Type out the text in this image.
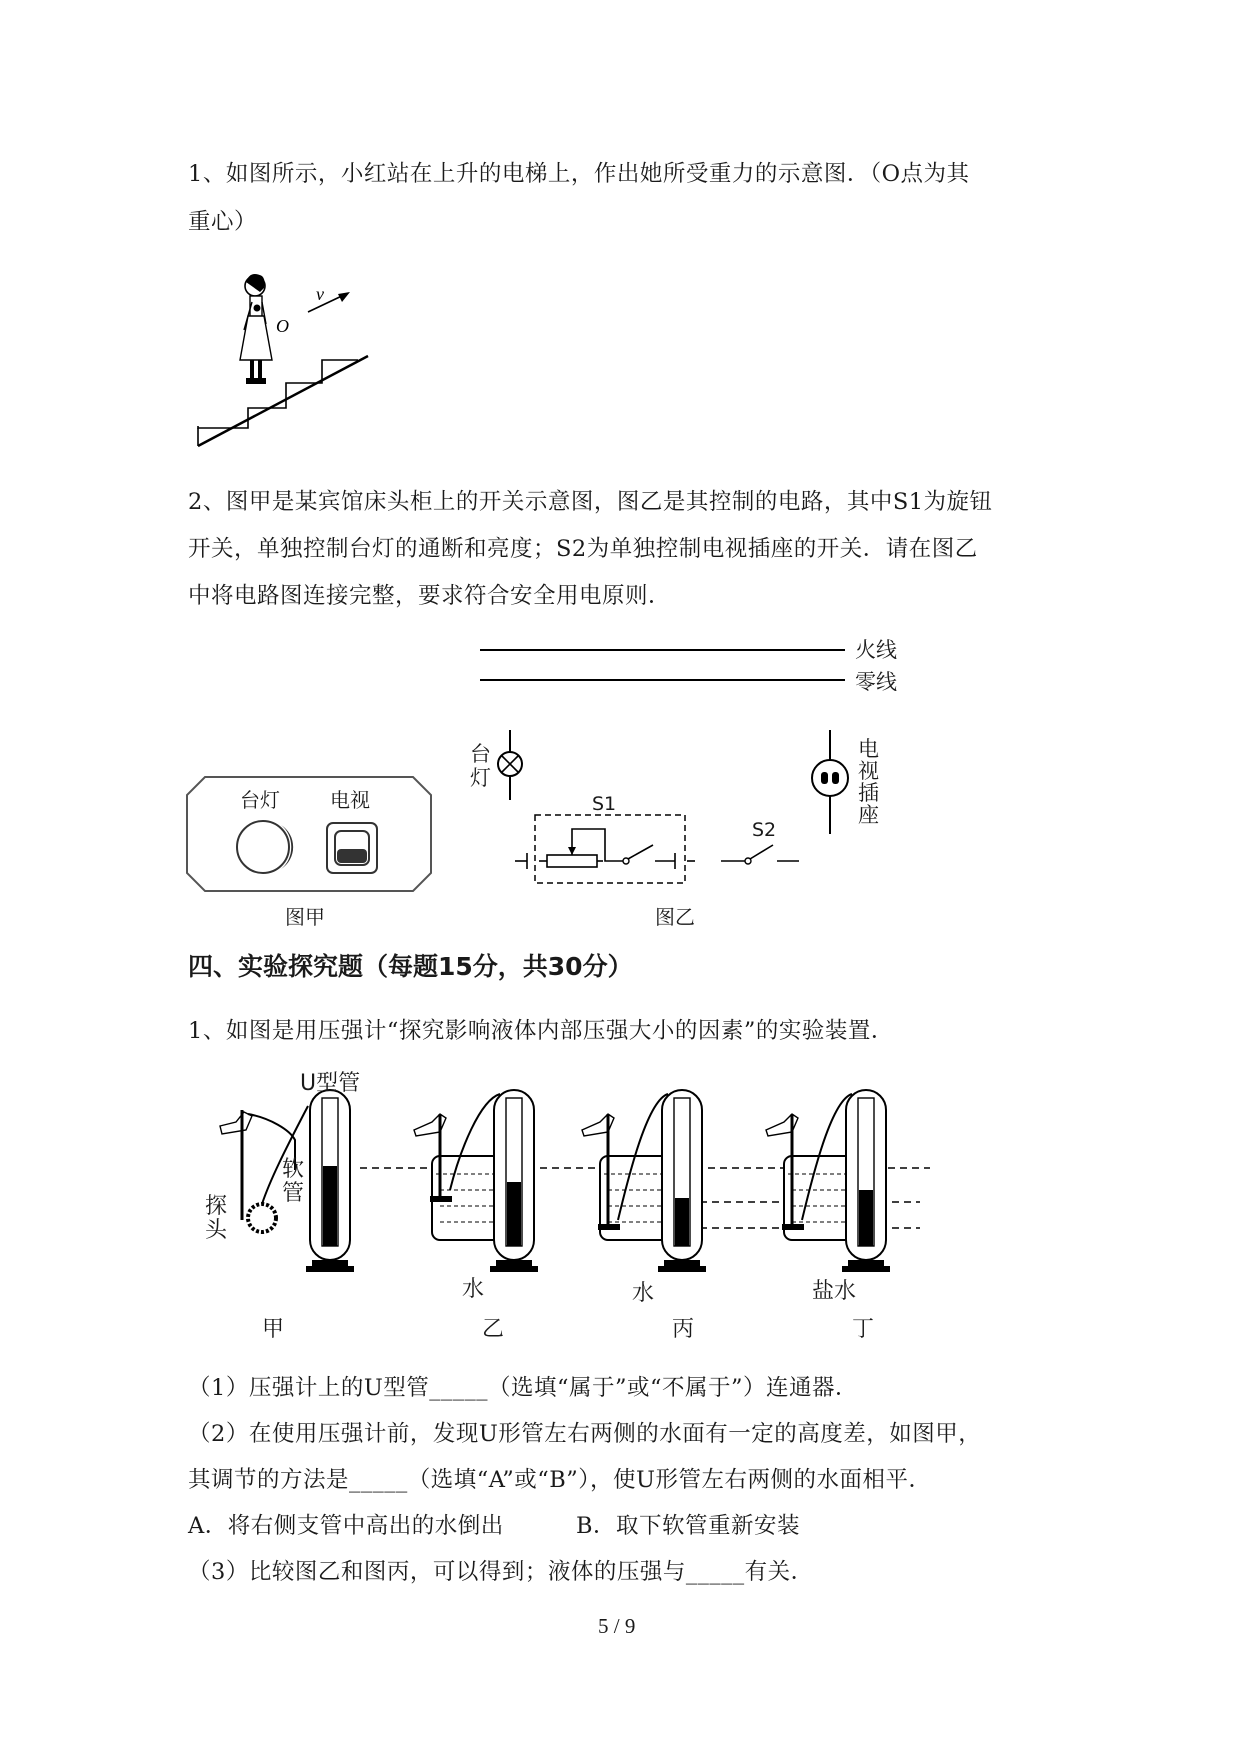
1、如图所示，小红站在上升的电梯上，作出她所受重力的示意图．（O点为其
重心）
O
v
2、图甲是某宾馆床头柜上的开关示意图，图乙是其控制的电路，其中S1为旋钮
开关，单独控制台灯的通断和亮度；S2为单独控制电视插座的开关．请在图乙
中将电路图连接完整，要求符合安全用电原则．
火线
零线
台灯
电视插座
S1
S2
台灯	电视
图甲	图乙
四、实验探究题（每题15分，共30分）
1、如图是用压强计“探究影响液体内部压强大小的因素”的实验装置．
U型管
软管
探头
水	水	盐水
甲	乙	丙	丁
（1）压强计上的U型管_____（选填“属于”或“不属于”）连通器．
（2）在使用压强计前，发现U形管左右两侧的水面有一定的高度差，如图甲，
其调节的方法是_____（选填“A”或“B”），使U形管左右两侧的水面相平．
A．将右侧支管中高出的水倒出	B．取下软管重新安装
（3）比较图乙和图丙，可以得到；液体的压强与_____有关．
5 / 9
